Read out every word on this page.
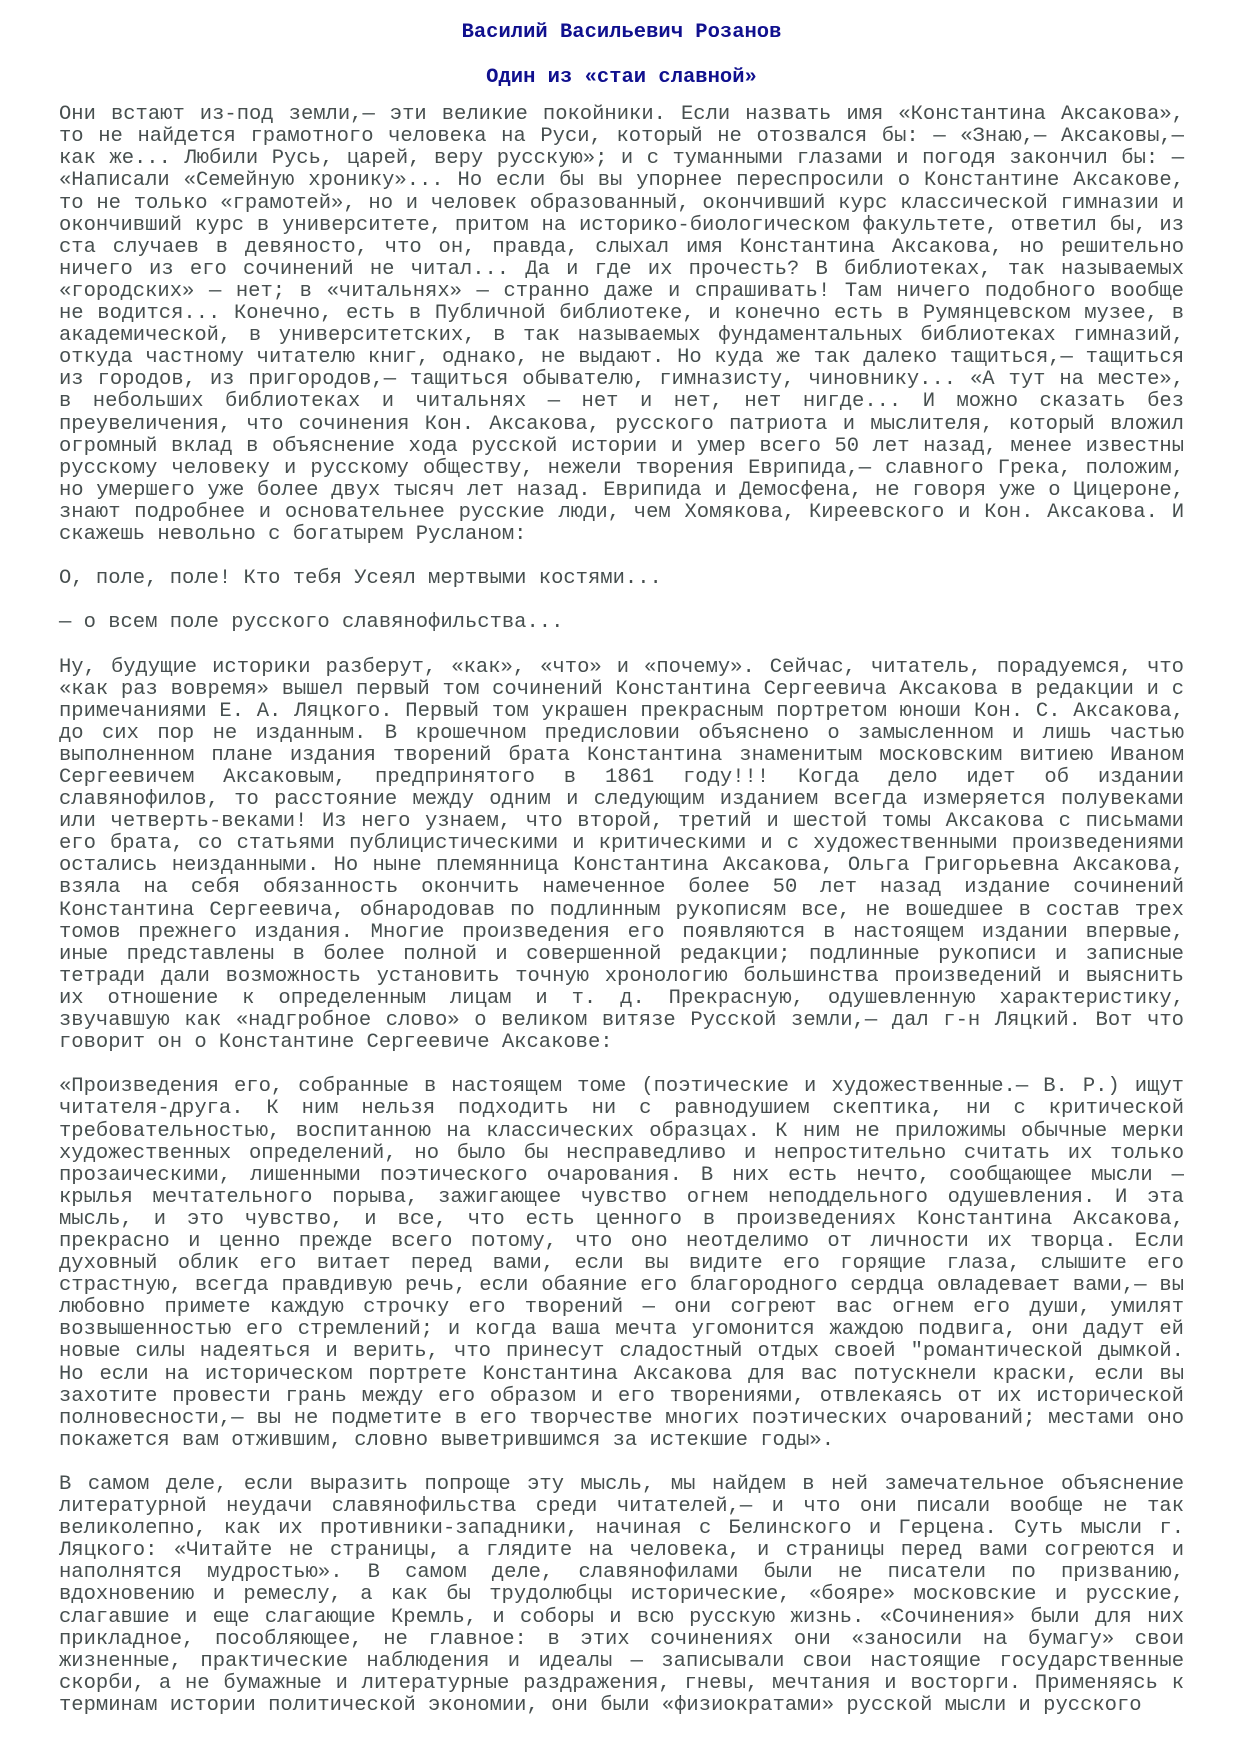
Василий Васильевич Розанов
Один из «стаи славной»

Они встают из-под земли,— эти великие покойники. Если назвать имя «Константина Аксакова», то не найдется грамотного человека на Руси, который не отозвался бы: — «Знаю,— Аксаковы,— как же... Любили Русь, царей, веру русскую»; и с туманными глазами и погодя закончил бы: — «Написали «Семейную хронику»... Но если бы вы упорнее переспросили о Константине Аксакове, то не только «грамотей», но и человек образованный, окончивший курс классической гимназии и окончивший курс в университете, притом на историко-биологическом факультете, ответил бы, из ста случаев в девяносто, что он, правда, слыхал имя Константина Аксакова, но решительно ничего из его сочинений не читал... Да и где их прочесть? В библиотеках, так называемых «городских» — нет; в «читальнях» — странно даже и спрашивать! Там ничего подобного вообще не водится... Конечно, есть в Публичной библиотеке, и конечно есть в Румянцевском музее, в академической, в университетских, в так называемых фундаментальных библиотеках гимназий, откуда частному читателю книг, однако, не выдают. Но куда же так далеко тащиться,— тащиться из городов, из пригородов,— тащиться обывателю, гимназисту, чиновнику... «А тут на месте», в небольших библиотеках и читальнях — нет и нет, нет нигде... И можно сказать без преувеличения, что сочинения Кон. Аксакова, русского патриота и мыслителя, который вложил огромный вклад в объяснение хода русской истории и умер всего 50 лет назад, менее известны русскому человеку и русскому обществу, нежели творения Еврипида,— славного Грека, положим, но умершего уже более двух тысяч лет назад. Еврипида и Демосфена, не говоря уже о Цицероне, знают подробнее и основательнее русские люди, чем Хомякова, Киреевского и Кон. Аксакова. И скажешь невольно с богатырем Русланом:

О, поле, поле! Кто тебя Усеял мертвыми костями...

— о всем поле русского славянофильства...

Ну, будущие историки разберут, «как», «что» и «почему». Сейчас, читатель, порадуемся, что «как раз вовремя» вышел первый том сочинений Константина Сергеевича Аксакова в редакции и с примечаниями Е. А. Ляцкого. Первый том украшен прекрасным портретом юноши Кон. С. Аксакова, до сих пор не изданным. В крошечном предисловии объяснено о замысленном и лишь частью выполненном плане издания творений брата Константина знаменитым московским витиею Иваном Сергеевичем Аксаковым, предпринятого в 1861 году!!! Когда дело идет об издании славянофилов, то расстояние между одним и следующим изданием всегда измеряется полувеками или четверть-веками! Из него узнаем, что второй, третий и шестой томы Аксакова с письмами его брата, со статьями публицистическими и критическими и с художественными произведениями остались неизданными. Но ныне племянница Константина Аксакова, Ольга Григорьевна Аксакова, взяла на себя обязанность окончить намеченное более 50 лет назад издание сочинений Константина Сергеевича, обнародовав по подлинным рукописям все, не вошедшее в состав трех томов прежнего издания. Многие произведения его появляются в настоящем издании впервые, иные представлены в более полной и совершенной редакции; подлинные рукописи и записные тетради дали возможность установить точную хронологию большинства произведений и выяснить их отношение к определенным лицам и т. д. Прекрасную, одушевленную характеристику, звучавшую как «надгробное слово» о великом витязе Русской земли,— дал г-н Ляцкий. Вот что говорит он о Константине Сергеевиче Аксакове:

«Произведения его, собранные в настоящем томе (поэтические и художественные.— В. Р.) ищут читателя-друга. К ним нельзя подходить ни с равнодушием скептика, ни с критической требовательностью, воспитанною на классических образцах. К ним не приложимы обычные мерки художественных определений, но было бы несправедливо и непростительно считать их только прозаическими, лишенными поэтического очарования. В них есть нечто, сообщающее мысли — крылья мечтательного порыва, зажигающее чувство огнем неподдельного одушевления. И эта мысль, и это чувство, и все, что есть ценного в произведениях Константина Аксакова, прекрасно и ценно прежде всего потому, что оно неотделимо от личности их творца. Если духовный облик его витает перед вами, если вы видите его горящие глаза, слышите его страстную, всегда правдивую речь, если обаяние его благородного сердца овладевает вами,— вы любовно примете каждую строчку его творений — они согреют вас огнем его души, умилят возвышенностью его стремлений; и когда ваша мечта угомонится жаждою подвига, они дадут ей новые силы надеяться и верить, что принесут сладостный отдых своей "романтической дымкой. Но если на историческом портрете Константина Аксакова для вас потускнели краски, если вы захотите провести грань между его образом и его творениями, отвлекаясь от их исторической полновесности,— вы не подметите в его творчестве многих поэтических очарований; местами оно покажется вам отжившим, словно выветрившимся за истекшие годы».

В самом деле, если выразить попроще эту мысль, мы найдем в ней замечательное объяснение литературной неудачи славянофильства среди читателей,— и что они писали вообще не так великолепно, как их противники-западники, начиная с Белинского и Герцена. Суть мысли г. Ляцкого: «Читайте не страницы, а глядите на человека, и страницы перед вами согреются и наполнятся мудростью». В самом деле, славянофилами были не писатели по призванию, вдохновению и ремеслу, а как бы трудолюбцы исторические, «бояре» московские и русские, слагавшие и еще слагающие Кремль, и соборы и всю русскую жизнь. «Сочинения» были для них прикладное, пособляющее, не главное: в этих сочинениях они «заносили на бумагу» свои жизненные, практические наблюдения и идеалы — записывали свои настоящие государственные скорби, а не бумажные и литературные раздражения, гневы, мечтания и восторги. Применяясь к терминам истории политической экономии, они были «физиократами» русской мысли и русского
